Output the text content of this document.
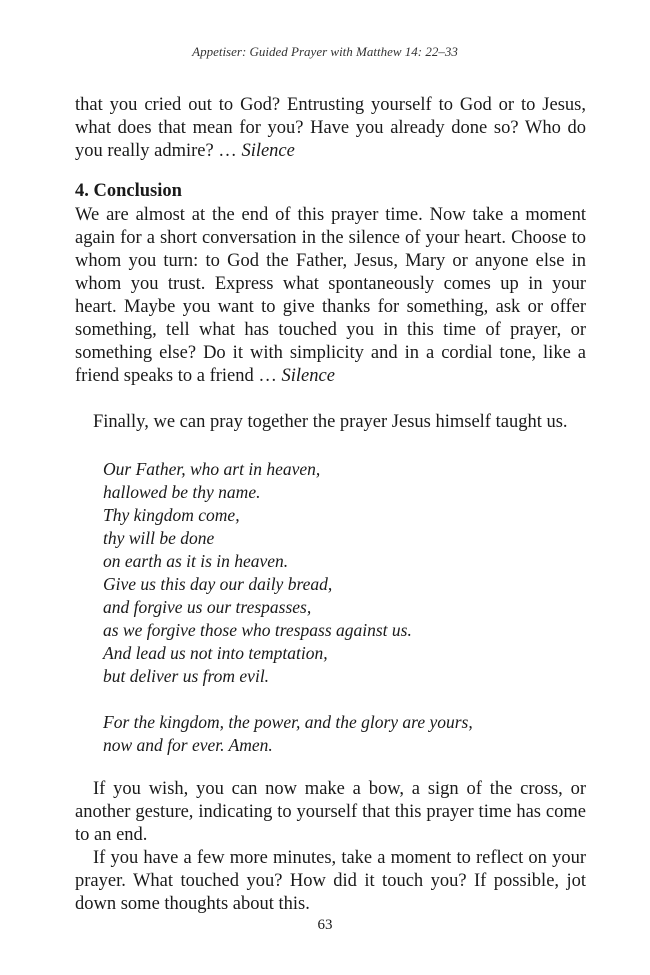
Appetiser: Guided Prayer with Matthew 14: 22–33

that you cried out to God? Entrusting yourself to God or to Jesus, what does that mean for you? Have you already done so? Who do you really admire? … Silence

4. Conclusion

We are almost at the end of this prayer time. Now take a moment again for a short conversation in the silence of your heart. Choose to whom you turn: to God the Father, Jesus, Mary or anyone else in whom you trust. Express what spontaneously comes up in your heart. Maybe you want to give thanks for something, ask or offer something, tell what has touched you in this time of prayer, or something else? Do it with simplicity and in a cordial tone, like a friend speaks to a friend … Silence

Finally, we can pray together the prayer Jesus himself taught us.

Our Father, who art in heaven,
hallowed be thy name.
Thy kingdom come,
thy will be done
on earth as it is in heaven.
Give us this day our daily bread,
and forgive us our trespasses,
as we forgive those who trespass against us.
And lead us not into temptation,
but deliver us from evil.
For the kingdom, the power, and the glory are yours,
now and for ever. Amen.

If you wish, you can now make a bow, a sign of the cross, or another gesture, indicating to yourself that this prayer time has come to an end.

If you have a few more minutes, take a moment to reflect on your prayer. What touched you? How did it touch you? If possible, jot down some thoughts about this.

63
